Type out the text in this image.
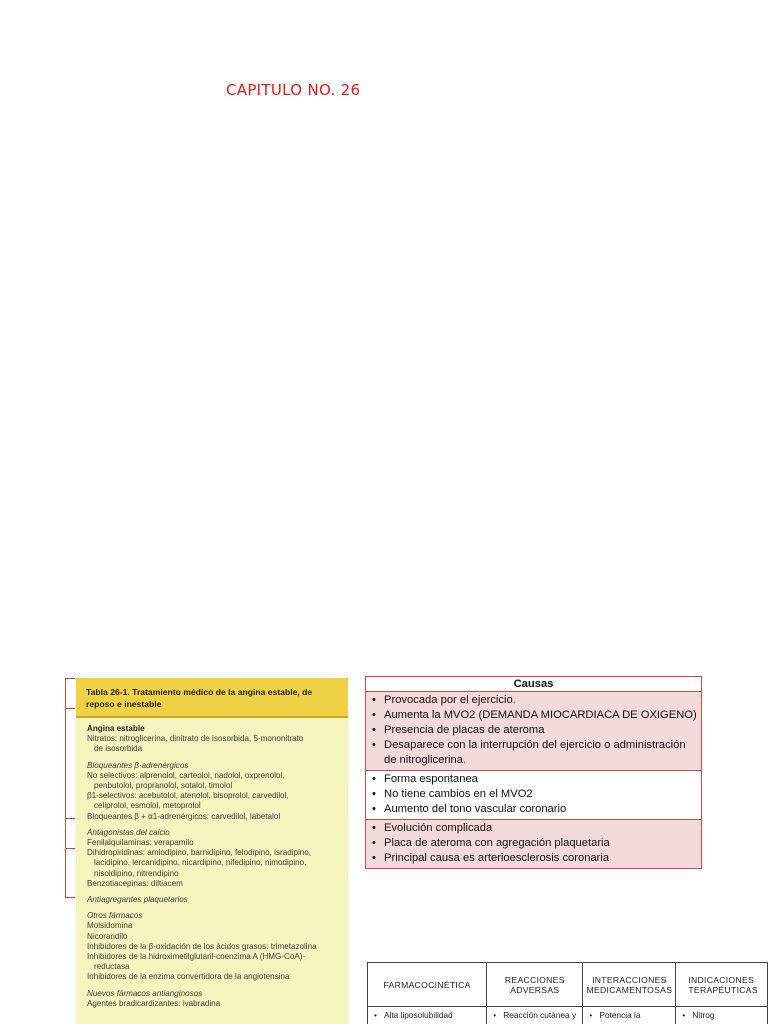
CAPITULO NO. 26
Tabla 26-1. Tratamiento médico de la angina estable, de reposo e inestable
Angina estable
Nitratos: nitroglicerina, dinitrato de isosorbida, 5-mononitrato
de isosorbida
Bloqueantes β-adrenérgicos
No selectivos: alprenolol, carteolol, nadolol, oxprenolol,
penbutolol, propranolol, sotalol, timolol
β1-selectivos: acebutolol, atenolol, bisoprolol, carvedilol,
celiprolol, esmolol, metoprolol
Bloqueantes β + α1-adrenérgicos: carvedilol, labetalol
Antagonistas del calcio
Fenilalquilaminas: verapamilo
Dihidropiridinas: amlodipino, barnidipino, felodipino, isradipino,
lacidipino, lercanidipino, nicardipino, nifedipino, nimodipino,
nisoldipino, nitrendipino
Benzotiacepinas: diltiacem
Antiagregantes plaquetarios
Otros fármacos
Molsidomina
Nicorandilo
Inhibidores de la β-oxidación de los ácidos grasos: trimetazolina
Inhibidores de la hidroximetilglutaril-coenzima A (HMG-CoA)-
reductasa
Inhibidores de la enzima convertidora de la angiotensina
Nuevos fármacos antianginosos
Agentes bradicardizantes: ivabradina
Causas
• Provocada por el ejercicio.
• Aumenta la MVO2 (DEMANDA MIOCARDIACA DE OXIGENO)
• Presencia de placas de ateroma
• Desaparece con la interrupción del ejercicio o administración de nitroglicerina.
• Forma espontanea
• No tiene cambios en el MVO2
• Aumento del tono vascular coronario
• Evolución complicada
• Placa de ateroma con agregación plaquetaria
• Principal causa es arterioesclerosis coronaria
FARMACOCINÉTICA	REACCIONES ADVERSAS	INTERACCIONES MEDICAMENTOSAS	INDICACIONES TERAPÉUTICAS
• Alta liposolubilidad	• Reacción cutánea y	• Potencia la	• Nitrog
